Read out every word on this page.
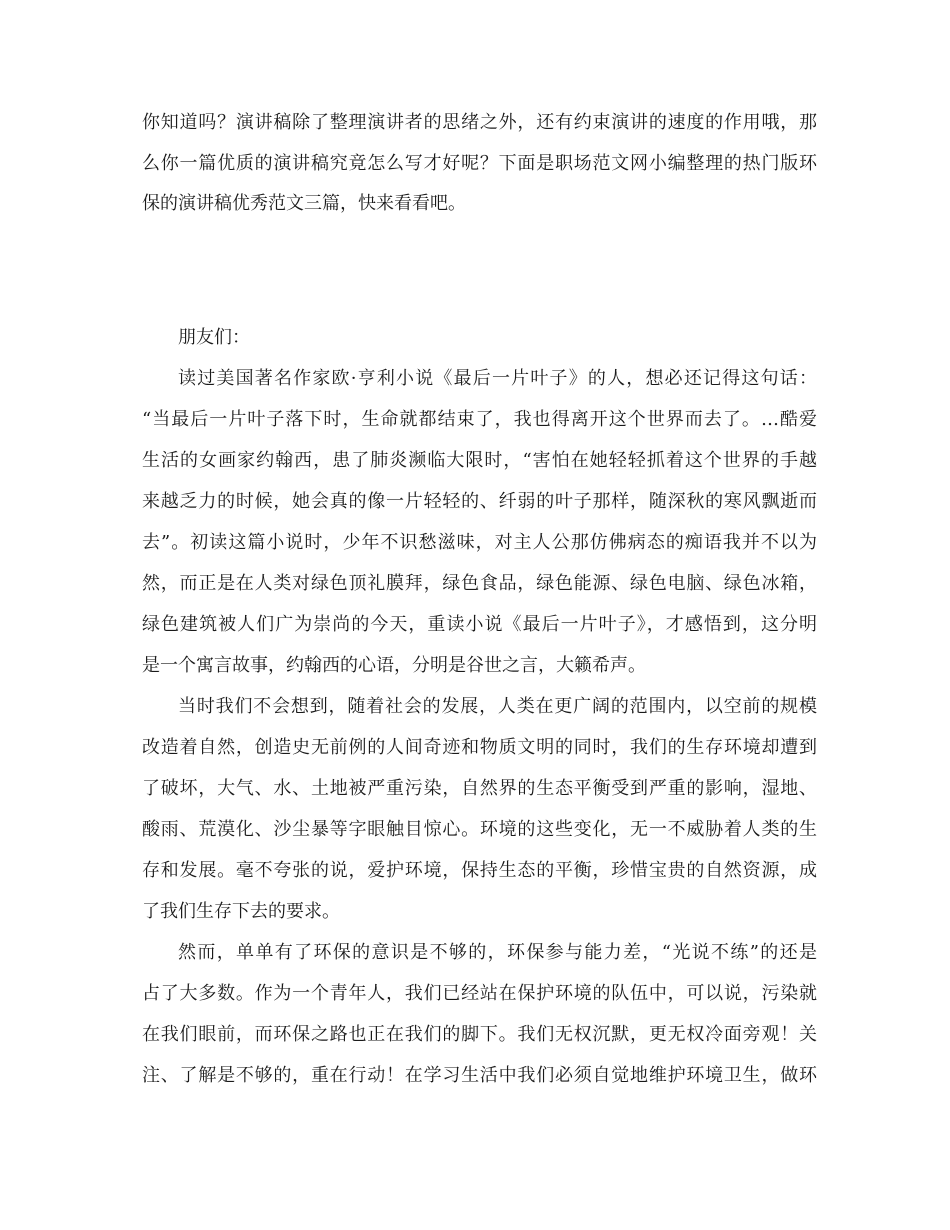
你知道吗？演讲稿除了整理演讲者的思绪之外，还有约束演讲的速度的作用哦，那
么你一篇优质的演讲稿究竟怎么写才好呢？下面是职场范文网小编整理的热门版环
保的演讲稿优秀范文三篇，快来看看吧。
朋友们：
读过美国著名作家欧·亨利小说《最后一片叶子》的人，想必还记得这句话：
“当最后一片叶子落下时，生命就都结束了，我也得离开这个世界而去了。…酷爱
生活的女画家约翰西，患了肺炎濒临大限时，“害怕在她轻轻抓着这个世界的手越
来越乏力的时候，她会真的像一片轻轻的、纤弱的叶子那样，随深秋的寒风飘逝而
去”。初读这篇小说时，少年不识愁滋味，对主人公那仿佛病态的痴语我并不以为
然，而正是在人类对绿色顶礼膜拜，绿色食品，绿色能源、绿色电脑、绿色冰箱，
绿色建筑被人们广为崇尚的今天，重读小说《最后一片叶子》，才感悟到，这分明
是一个寓言故事，约翰西的心语，分明是谷世之言，大籁希声。
当时我们不会想到，随着社会的发展，人类在更广阔的范围内，以空前的规模
改造着自然，创造史无前例的人间奇迹和物质文明的同时，我们的生存环境却遭到
了破坏，大气、水、土地被严重污染，自然界的生态平衡受到严重的影响，湿地、
酸雨、荒漠化、沙尘暴等字眼触目惊心。环境的这些变化，无一不威胁着人类的生
存和发展。毫不夸张的说，爱护环境，保持生态的平衡，珍惜宝贵的自然资源，成
了我们生存下去的要求。
然而，单单有了环保的意识是不够的，环保参与能力差，“光说不练”的还是
占了大多数。作为一个青年人，我们已经站在保护环境的队伍中，可以说，污染就
在我们眼前，而环保之路也正在我们的脚下。我们无权沉默，更无权冷面旁观！关
注、了解是不够的，重在行动！在学习生活中我们必须自觉地维护环境卫生，做环
